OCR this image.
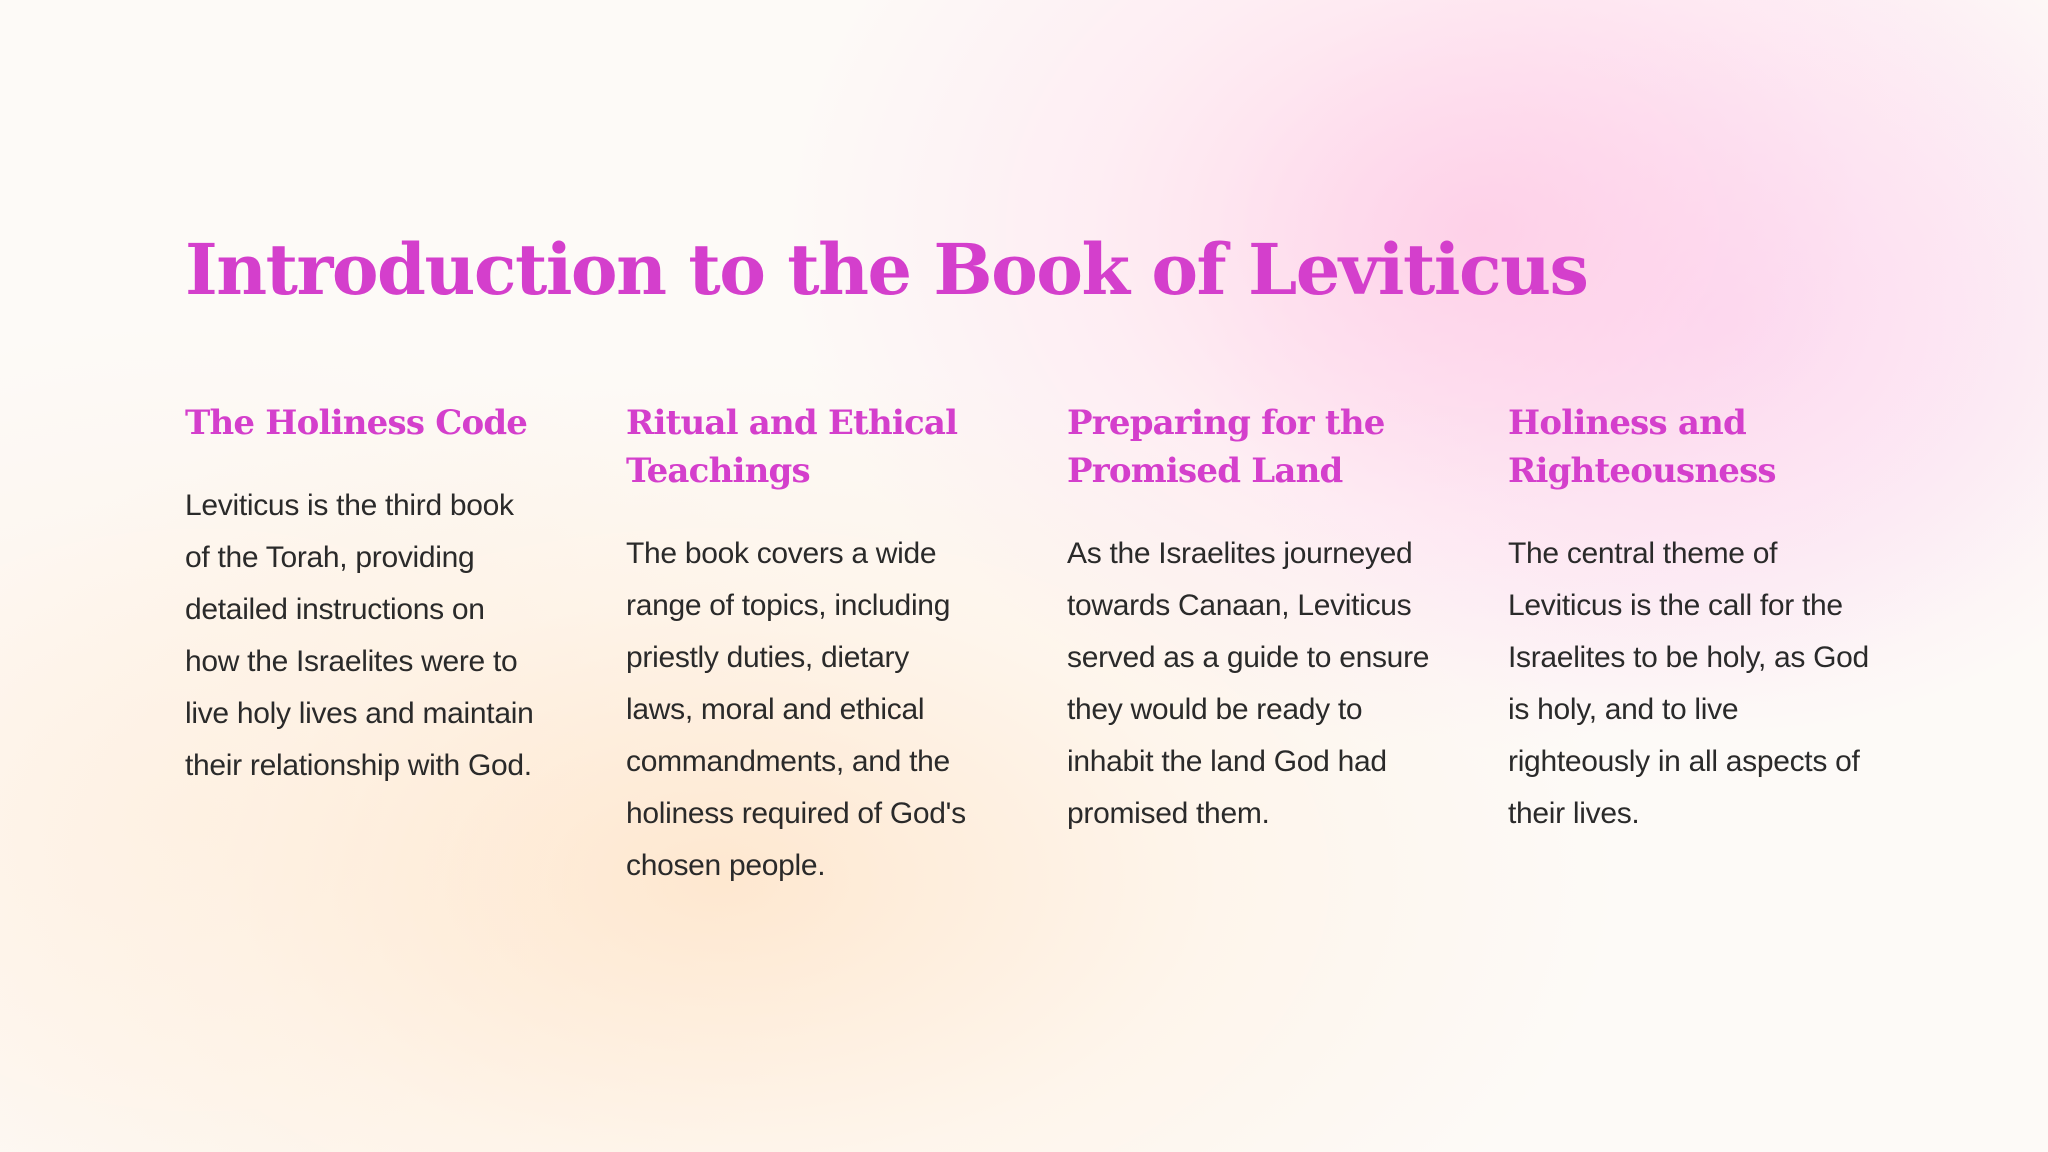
Introduction to the Book of Leviticus
The Holiness Code

Leviticus is the third book of the Torah, providing detailed instructions on how the Israelites were to live holy lives and maintain their relationship with God.

Ritual and Ethical Teachings

The book covers a wide range of topics, including priestly duties, dietary laws, moral and ethical commandments, and the holiness required of God's chosen people.

Preparing for the Promised Land

As the Israelites journeyed towards Canaan, Leviticus served as a guide to ensure they would be ready to inhabit the land God had promised them.

Holiness and Righteousness

The central theme of Leviticus is the call for the Israelites to be holy, as God is holy, and to live righteously in all aspects of their lives.
